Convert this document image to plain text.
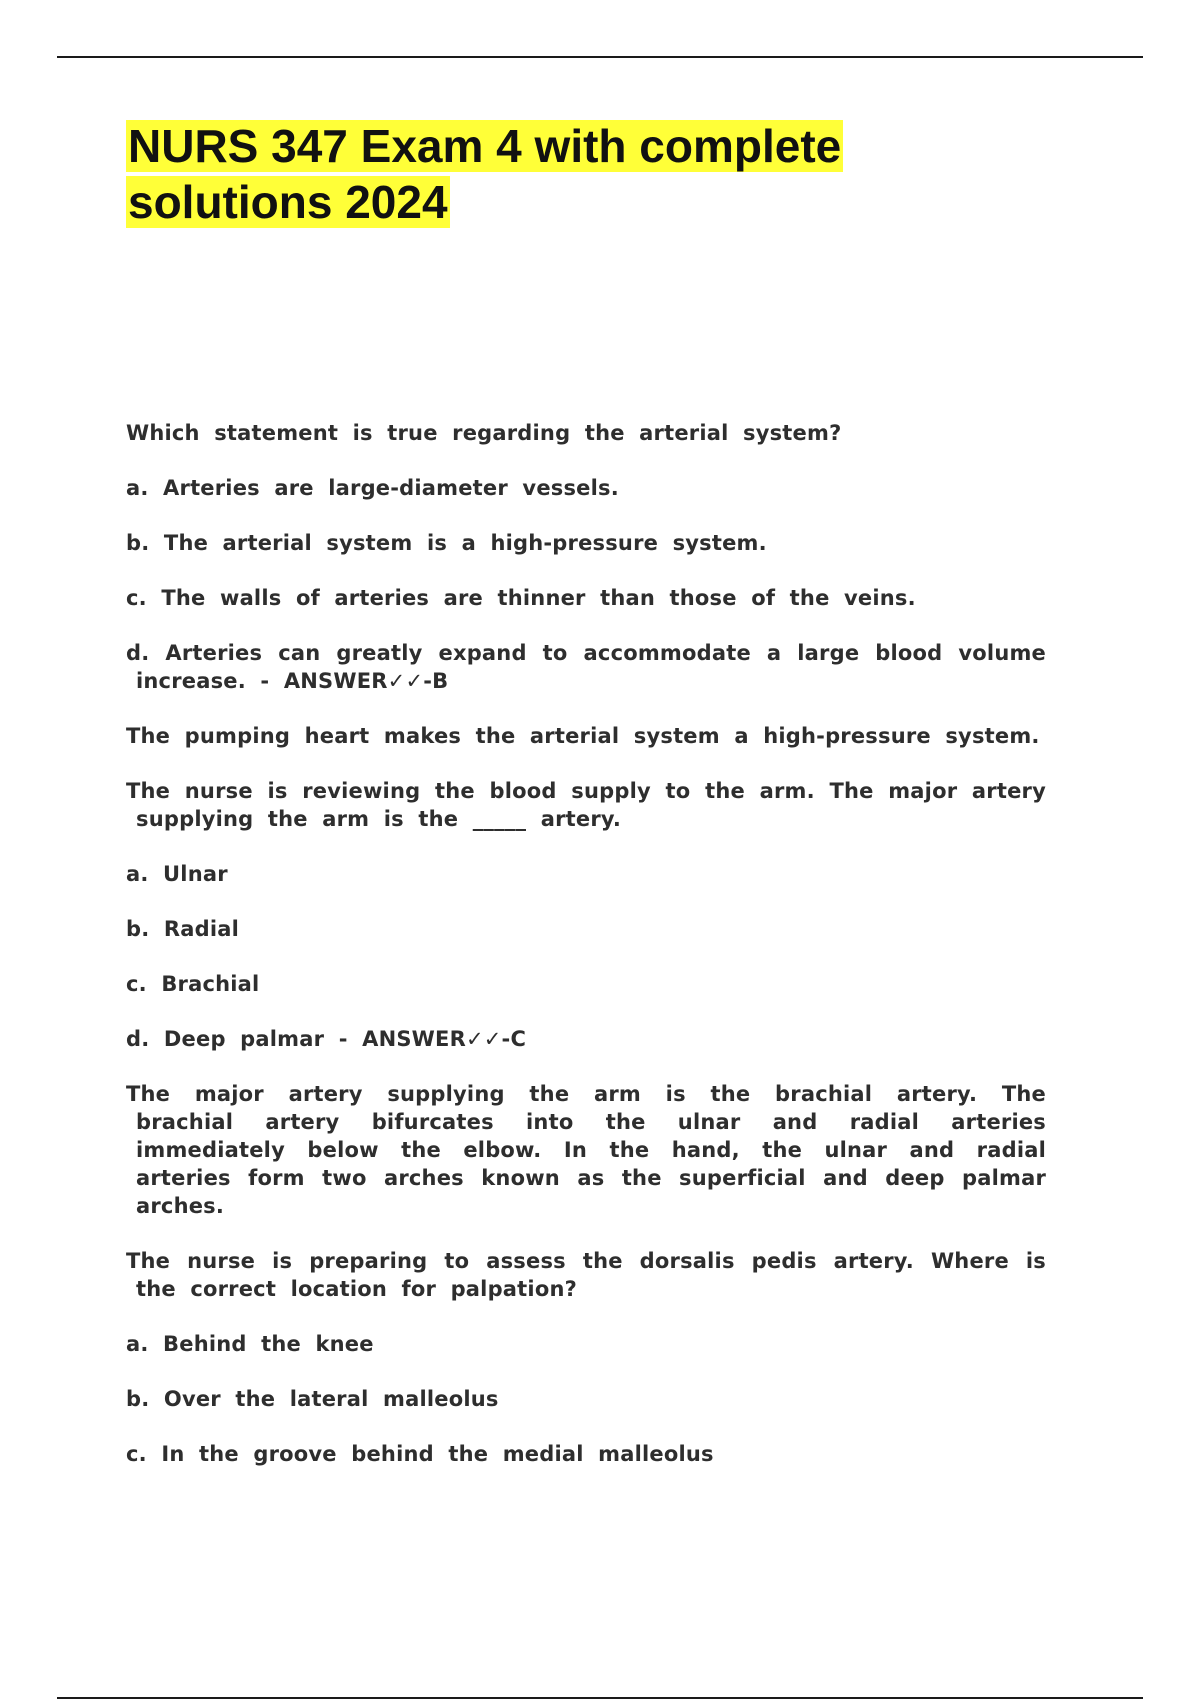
NURS 347 Exam 4 with complete
solutions 2024

Which statement is true regarding the arterial system?

a. Arteries are large-diameter vessels.

b. The arterial system is a high-pressure system.

c. The walls of arteries are thinner than those of the veins.

d. Arteries can greatly expand to accommodate a large blood volume increase. - ANSWER✓✓-B

The pumping heart makes the arterial system a high-pressure system.

The nurse is reviewing the blood supply to the arm. The major artery supplying the arm is the _____ artery.

a. Ulnar

b. Radial

c. Brachial

d. Deep palmar - ANSWER✓✓-C

The major artery supplying the arm is the brachial artery. The brachial artery bifurcates into the ulnar and radial arteries immediately below the elbow. In the hand, the ulnar and radial arteries form two arches known as the superficial and deep palmar arches.

The nurse is preparing to assess the dorsalis pedis artery. Where is the correct location for palpation?

a. Behind the knee

b. Over the lateral malleolus

c. In the groove behind the medial malleolus
